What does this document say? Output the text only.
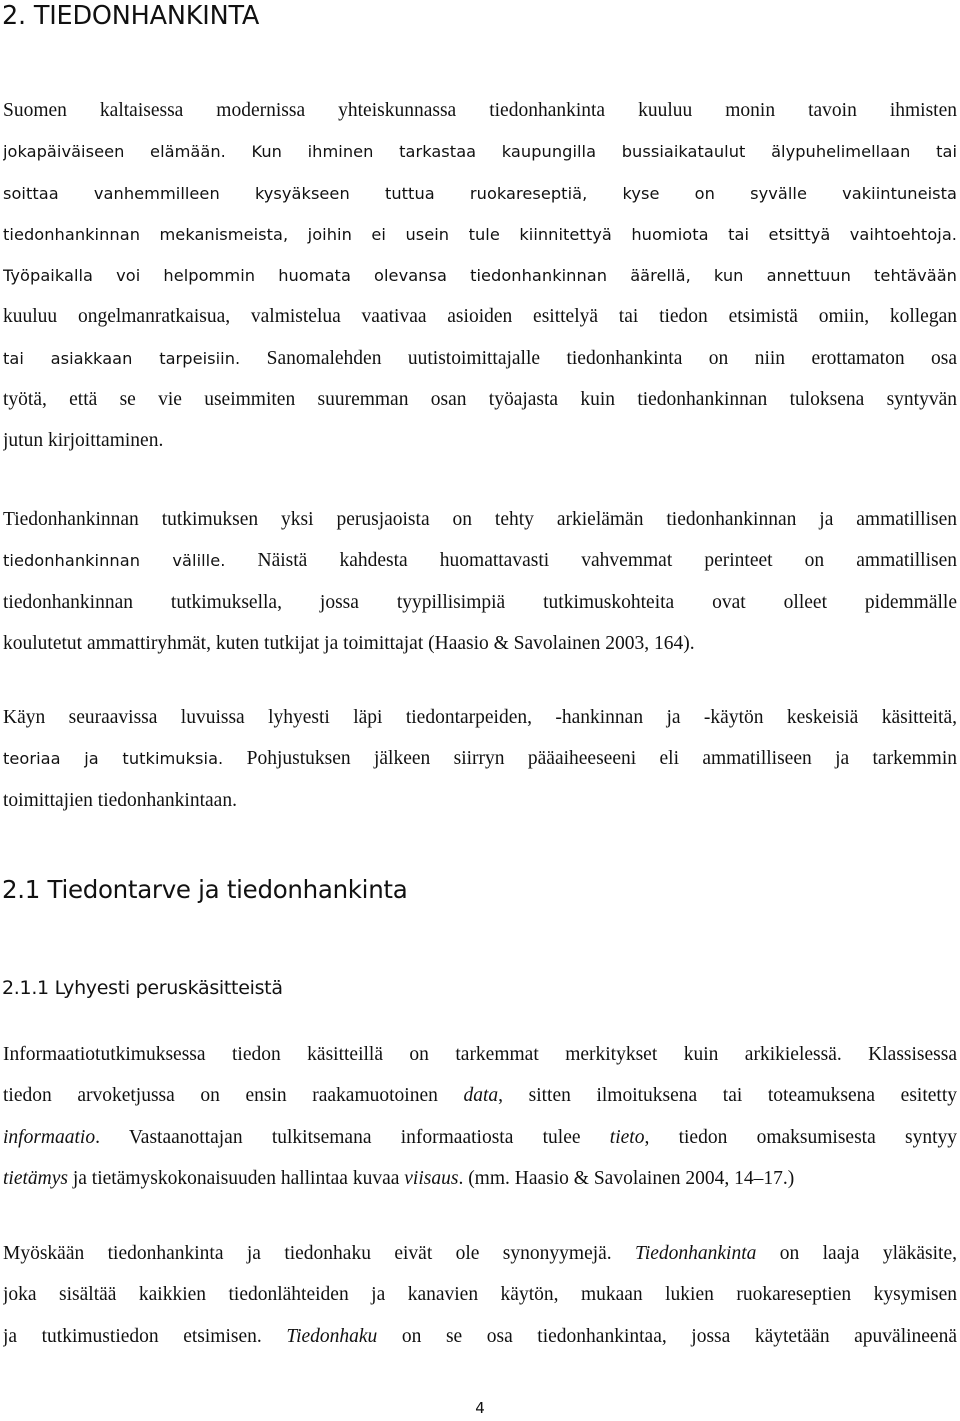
2. TIEDONHANKINTA
Suomen kaltaisessa modernissa yhteiskunnassa tiedonhankinta kuuluu monin tavoin ihmisten
jokapäiväiseen elämään. Kun ihminen tarkastaa kaupungilla bussiaikataulut älypuhelimellaan tai
soittaa vanhemmilleen kysyäkseen tuttua ruokareseptiä, kyse on syvälle vakiintuneista
tiedonhankinnan mekanismeista, joihin ei usein tule kiinnitettyä huomiota tai etsittyä vaihtoehtoja.
Työpaikalla voi helpommin huomata olevansa tiedonhankinnan äärellä, kun annettuun tehtävään
kuuluu ongelmanratkaisua, valmistelua vaativaa asioiden esittelyä tai tiedon etsimistä omiin, kollegan
tai asiakkaan tarpeisiin. Sanomalehden uutistoimittajalle tiedonhankinta on niin erottamaton osa
työtä, että se vie useimmiten suuremman osan työajasta kuin tiedonhankinnan tuloksena syntyvän
jutun kirjoittaminen.
Tiedonhankinnan tutkimuksen yksi perusjaoista on tehty arkielämän tiedonhankinnan ja ammatillisen
tiedonhankinnan välille. Näistä kahdesta huomattavasti vahvemmat perinteet on ammatillisen
tiedonhankinnan tutkimuksella, jossa tyypillisimpiä tutkimuskohteita ovat olleet pidemmälle
koulutetut ammattiryhmät, kuten tutkijat ja toimittajat (Haasio & Savolainen 2003, 164).
Käyn seuraavissa luvuissa lyhyesti läpi tiedontarpeiden, -hankinnan ja -käytön keskeisiä käsitteitä,
teoriaa ja tutkimuksia. Pohjustuksen jälkeen siirryn pääaiheeseeni eli ammatilliseen ja tarkemmin
toimittajien tiedonhankintaan.
2.1 Tiedontarve ja tiedonhankinta
2.1.1 Lyhyesti peruskäsitteistä
Informaatiotutkimuksessa tiedon käsitteillä on tarkemmat merkitykset kuin arkikielessä. Klassisessa
tiedon arvoketjussa on ensin raakamuotoinen data, sitten ilmoituksena tai toteamuksena esitetty
informaatio. Vastaanottajan tulkitsemana informaatiosta tulee tieto, tiedon omaksumisesta syntyy
tietämys ja tietämyskokonaisuuden hallintaa kuvaa viisaus. (mm. Haasio & Savolainen 2004, 14–17.)
Myöskään tiedonhankinta ja tiedonhaku eivät ole synonyymejä. Tiedonhankinta on laaja yläkäsite,
joka sisältää kaikkien tiedonlähteiden ja kanavien käytön, mukaan lukien ruokareseptien kysymisen
ja tutkimustiedon etsimisen. Tiedonhaku on se osa tiedonhankintaa, jossa käytetään apuvälineenä
4
